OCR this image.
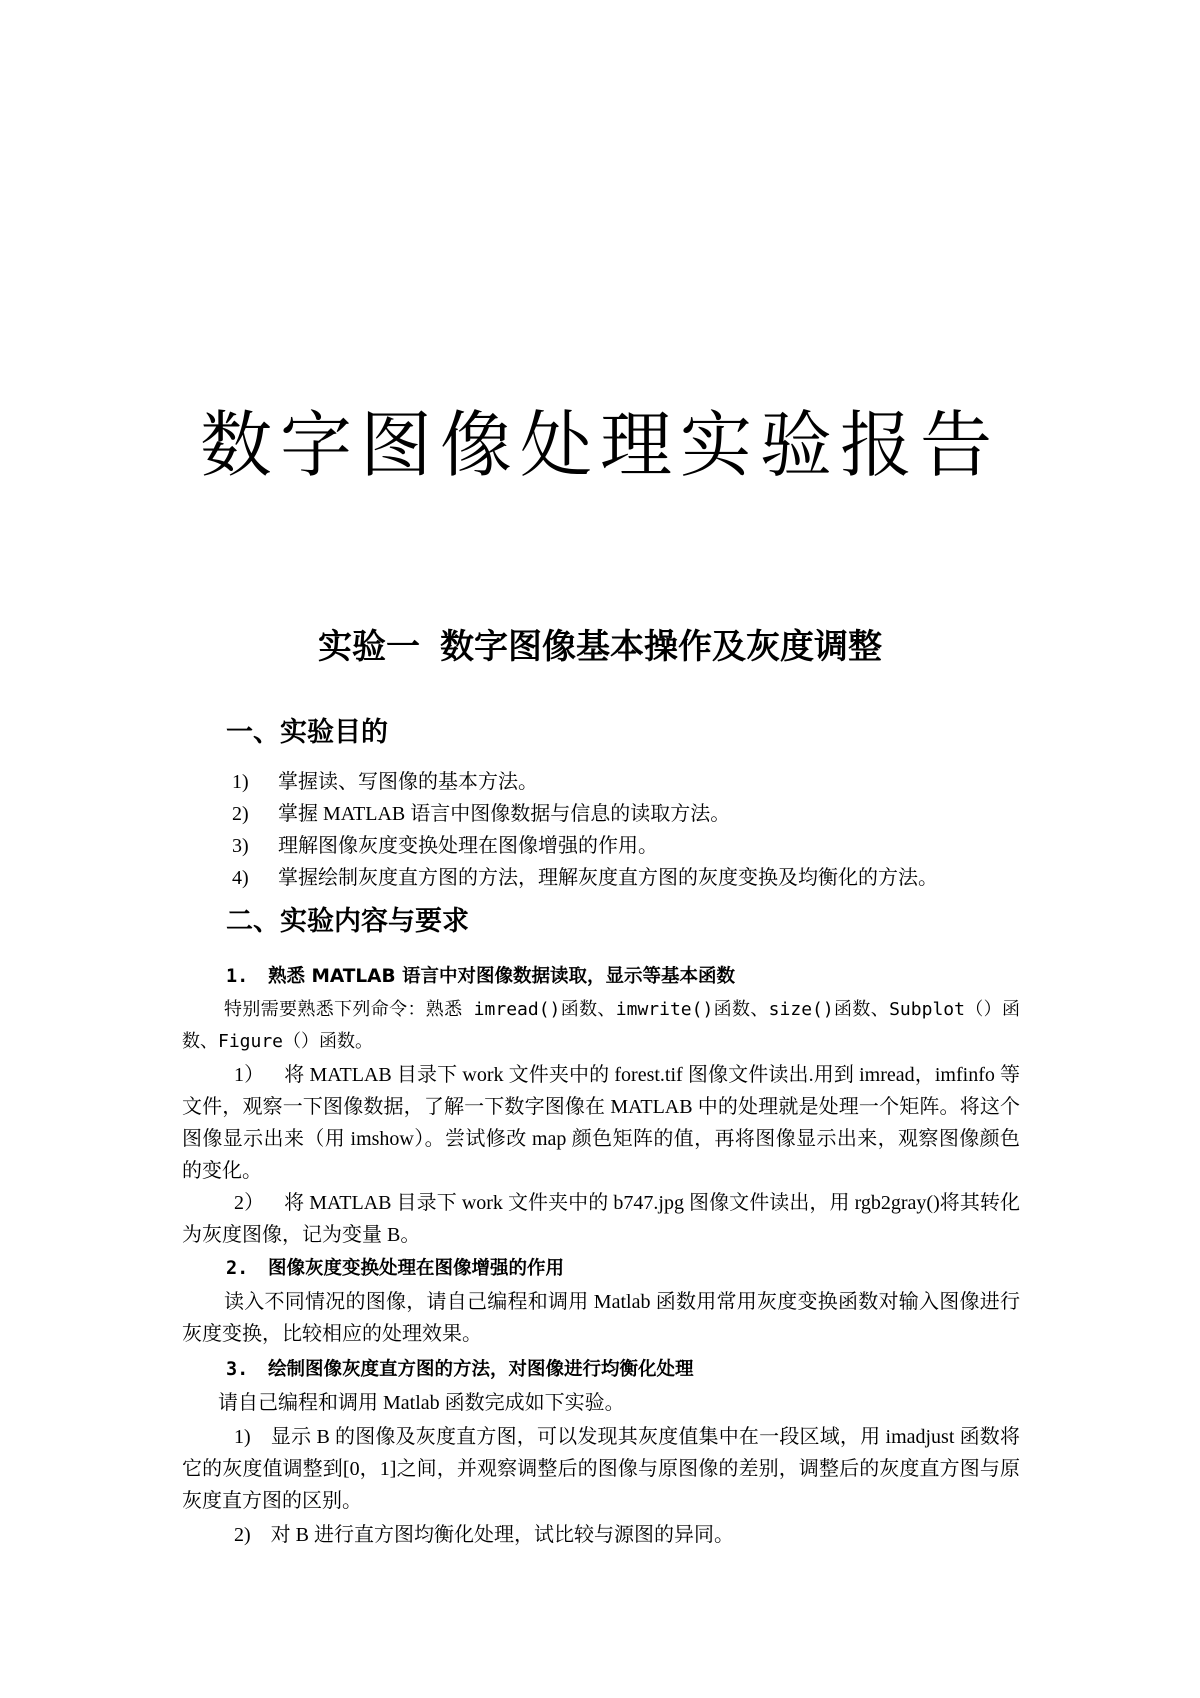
数字图像处理实验报告
实验一 数字图像基本操作及灰度调整
一、实验目的
1) 掌握读、写图像的基本方法。
2) 掌握 MATLAB 语言中图像数据与信息的读取方法。
3) 理解图像灰度变换处理在图像增强的作用。
4) 掌握绘制灰度直方图的方法，理解灰度直方图的灰度变换及均衡化的方法。
二、实验内容与要求
1. 熟悉 MATLAB 语言中对图像数据读取，显示等基本函数

特别需要熟悉下列命令：熟悉 imread()函数、imwrite()函数、size()函数、Subplot（）函数、Figure（）函数。

1） 将 MATLAB 目录下 work 文件夹中的 forest.tif 图像文件读出.用到 imread，imfinfo 等文件，观察一下图像数据，了解一下数字图像在 MATLAB 中的处理就是处理一个矩阵。将这个图像显示出来（用 imshow）。尝试修改 map 颜色矩阵的值，再将图像显示出来，观察图像颜色的变化。

2） 将 MATLAB 目录下 work 文件夹中的 b747.jpg 图像文件读出，用 rgb2gray()将其转化为灰度图像，记为变量 B。

2. 图像灰度变换处理在图像增强的作用

读入不同情况的图像，请自己编程和调用 Matlab 函数用常用灰度变换函数对输入图像进行灰度变换，比较相应的处理效果。

3. 绘制图像灰度直方图的方法，对图像进行均衡化处理

请自己编程和调用 Matlab 函数完成如下实验。

1) 显示 B 的图像及灰度直方图，可以发现其灰度值集中在一段区域，用 imadjust 函数将它的灰度值调整到[0，1]之间，并观察调整后的图像与原图像的差别，调整后的灰度直方图与原灰度直方图的区别。

2) 对 B 进行直方图均衡化处理，试比较与源图的异同。
